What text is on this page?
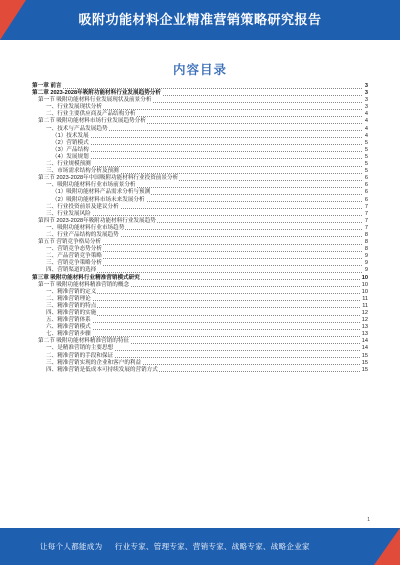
吸附功能材料企业精准营销策略研究报告
内容目录
第一章 前言	3
第二章 2023-2028年吸附功能材料行业发展趋势分析	3
第一节 吸附功能材料行业发展现状及前景分析	3
一、行业发展现状分析	3
二、行业主要供应商及产品结构分析	4
第二节 吸附功能材料市场行业发展趋势分析	4
一、技术与产品发展趋势	4
（1）技术发展	4
（2）营销模式	5
（3）产品结构	5
（4）发展规划	5
二、行业规模预测	5
三、市场需求结构分析及预测	5
第三节 2023-2028年中国吸附功能材料行业投资前景分析	6
一、吸附功能材料行业市场前景分析	6
（1）吸附功能材料产品需求分析与预测	6
（2）吸附功能材料市场未来发展分析	6
二、行业投资前景及建议分析	7
三、行业发展风险	7
第四节 2023-2028年吸附功能材料行业发展趋势	7
一、吸附功能材料行业市场趋势	7
二、行业产品结构的发展趋势	8
第五节 营销竞争格局分析	8
一、营销竞争态势分析	8
二、产品营销竞争策略	9
三、营销竞争策略分析	9
四、营销渠道的选择	9
第三章 吸附功能材料行业精准营销模式研究	10
第一节 吸附功能材料精准营销的概念	10
一、精准营销的定义	10
二、精准营销理论	11
三、精准营销的特点	11
四、精准营销的实施	12
五、精准营销体系	12
六、精准营销模式	13
七、精准营销步骤	13
第二节 吸附功能材料精准营销的特征	14
一、是精准营销的主要思想	14
二、精准营销的手段和保证	15
三、精准营销实现的企业和客户的利益	15
四、精准营销是低成本可持续发展的营销方式	15
1
让每个人都能成为 行业专家、管理专家、营销专家、战略专家、战略企业家
